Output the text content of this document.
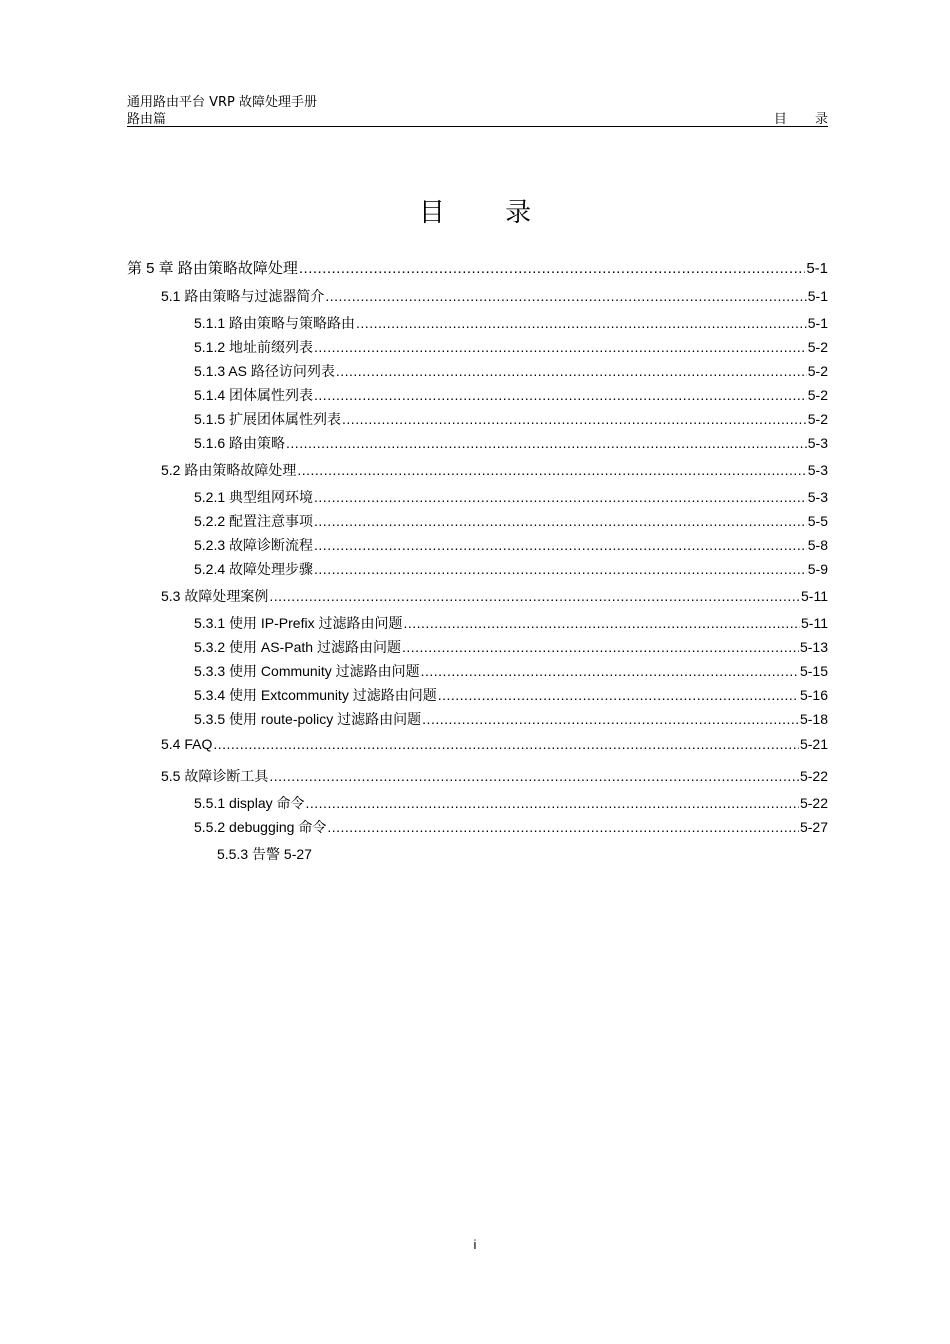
通用路由平台 VRP 故障处理手册
路由篇	目 录
目 录
第 5 章 路由策略故障处理 .....	5-1
5.1 路由策略与过滤器简介 .....	5-1
5.1.1 路由策略与策略路由 .....	5-1
5.1.2 地址前缀列表 .....	5-2
5.1.3 AS 路径访问列表 .....	5-2
5.1.4 团体属性列表 .....	5-2
5.1.5 扩展团体属性列表 .....	5-2
5.1.6 路由策略 .....	5-3
5.2 路由策略故障处理 .....	5-3
5.2.1 典型组网环境 .....	5-3
5.2.2 配置注意事项 .....	5-5
5.2.3 故障诊断流程 .....	5-8
5.2.4 故障处理步骤 .....	5-9
5.3 故障处理案例 .....	5-11
5.3.1 使用 IP-Prefix 过滤路由问题 .....	5-11
5.3.2 使用 AS-Path 过滤路由问题 .....	5-13
5.3.3 使用 Community 过滤路由问题 .....	5-15
5.3.4 使用 Extcommunity 过滤路由问题 .....	5-16
5.3.5 使用 route-policy 过滤路由问题 .....	5-18
5.4 FAQ .....	5-21
5.5 故障诊断工具 .....	5-22
5.5.1 display 命令 .....	5-22
5.5.2 debugging 命令 .....	5-27
5.5.3 告警 5-27
i
